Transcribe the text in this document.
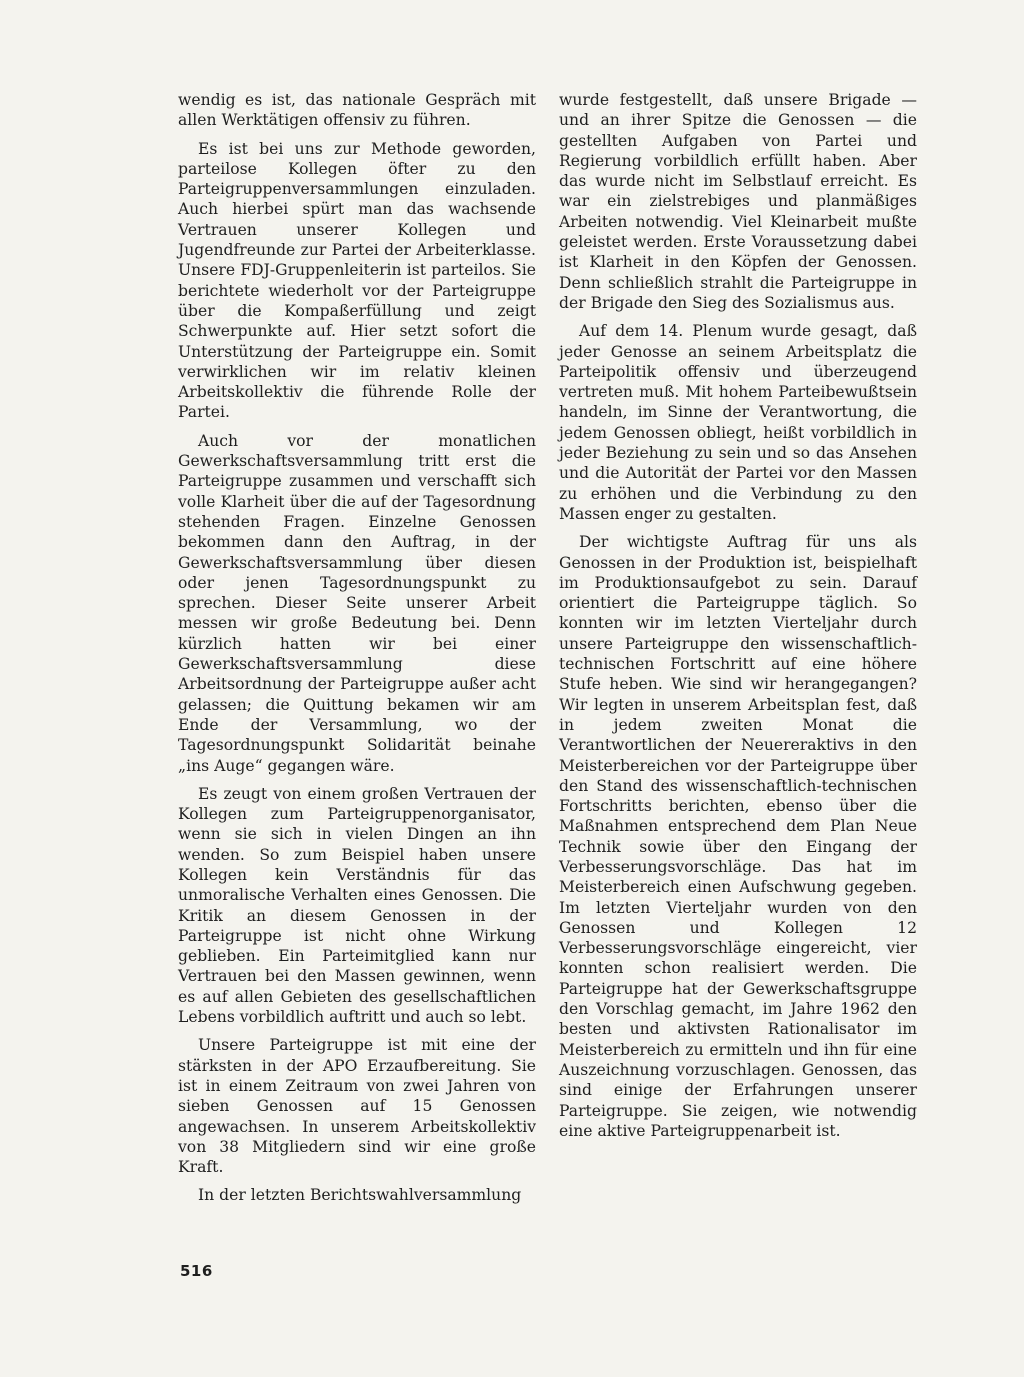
wendig es ist, das nationale Gespräch mit allen Werktätigen offensiv zu führen.

Es ist bei uns zur Methode geworden, parteilose Kollegen öfter zu den Parteigruppenversammlungen einzuladen. Auch hierbei spürt man das wachsende Vertrauen unserer Kollegen und Jugendfreunde zur Partei der Arbeiterklasse. Unsere FDJ-Gruppenleiterin ist parteilos. Sie berichtete wiederholt vor der Parteigruppe über die Kompaßerfüllung und zeigt Schwerpunkte auf. Hier setzt sofort die Unterstützung der Parteigruppe ein. Somit verwirklichen wir im relativ kleinen Arbeitskollektiv die führende Rolle der Partei.

Auch vor der monatlichen Gewerkschaftsversammlung tritt erst die Parteigruppe zusammen und verschafft sich volle Klarheit über die auf der Tagesordnung stehenden Fragen. Einzelne Genossen bekommen dann den Auftrag, in der Gewerkschaftsversammlung über diesen oder jenen Tagesordnungspunkt zu sprechen. Dieser Seite unserer Arbeit messen wir große Bedeutung bei. Denn kürzlich hatten wir bei einer Gewerkschaftsversammlung diese Arbeitsordnung der Parteigruppe außer acht gelassen; die Quittung bekamen wir am Ende der Versammlung, wo der Tagesordnungspunkt Solidarität beinahe „ins Auge“ gegangen wäre.

Es zeugt von einem großen Vertrauen der Kollegen zum Parteigruppenorganisator, wenn sie sich in vielen Dingen an ihn wenden. So zum Beispiel haben unsere Kollegen kein Verständnis für das unmoralische Verhalten eines Genossen. Die Kritik an diesem Genossen in der Parteigruppe ist nicht ohne Wirkung geblieben. Ein Parteimitglied kann nur Vertrauen bei den Massen gewinnen, wenn es auf allen Gebieten des gesellschaftlichen Lebens vorbildlich auftritt und auch so lebt.

Unsere Parteigruppe ist mit eine der stärksten in der APO Erzaufbereitung. Sie ist in einem Zeitraum von zwei Jahren von sieben Genossen auf 15 Genossen angewachsen. In unserem Arbeitskollektiv von 38 Mitgliedern sind wir eine große Kraft.

In der letzten Berichtswahlversammlung

wurde festgestellt, daß unsere Brigade — und an ihrer Spitze die Genossen — die gestellten Aufgaben von Partei und Regierung vorbildlich erfüllt haben. Aber das wurde nicht im Selbstlauf erreicht. Es war ein zielstrebiges und planmäßiges Arbeiten notwendig. Viel Kleinarbeit mußte geleistet werden. Erste Voraussetzung dabei ist Klarheit in den Köpfen der Genossen. Denn schließlich strahlt die Parteigruppe in der Brigade den Sieg des Sozialismus aus.

Auf dem 14. Plenum wurde gesagt, daß jeder Genosse an seinem Arbeitsplatz die Parteipolitik offensiv und überzeugend vertreten muß. Mit hohem Parteibewußtsein handeln, im Sinne der Verantwortung, die jedem Genossen obliegt, heißt vorbildlich in jeder Beziehung zu sein und so das Ansehen und die Autorität der Partei vor den Massen zu erhöhen und die Verbindung zu den Massen enger zu gestalten.

Der wichtigste Auftrag für uns als Genossen in der Produktion ist, beispielhaft im Produktionsaufgebot zu sein. Darauf orientiert die Parteigruppe täglich. So konnten wir im letzten Vierteljahr durch unsere Parteigruppe den wissenschaftlich-technischen Fortschritt auf eine höhere Stufe heben. Wie sind wir herangegangen? Wir legten in unserem Arbeitsplan fest, daß in jedem zweiten Monat die Verantwortlichen der Neuereraktivs in den Meisterbereichen vor der Parteigruppe über den Stand des wissenschaftlich-technischen Fortschritts berichten, ebenso über die Maßnahmen entsprechend dem Plan Neue Technik sowie über den Eingang der Verbesserungsvorschläge. Das hat im Meisterbereich einen Aufschwung gegeben. Im letzten Vierteljahr wurden von den Genossen und Kollegen 12 Verbesserungsvorschläge eingereicht, vier konnten schon realisiert werden. Die Parteigruppe hat der Gewerkschaftsgruppe den Vorschlag gemacht, im Jahre 1962 den besten und aktivsten Rationalisator im Meisterbereich zu ermitteln und ihn für eine Auszeichnung vorzuschlagen. Genossen, das sind einige der Erfahrungen unserer Parteigruppe. Sie zeigen, wie notwendig eine aktive Parteigruppenarbeit ist.

516
